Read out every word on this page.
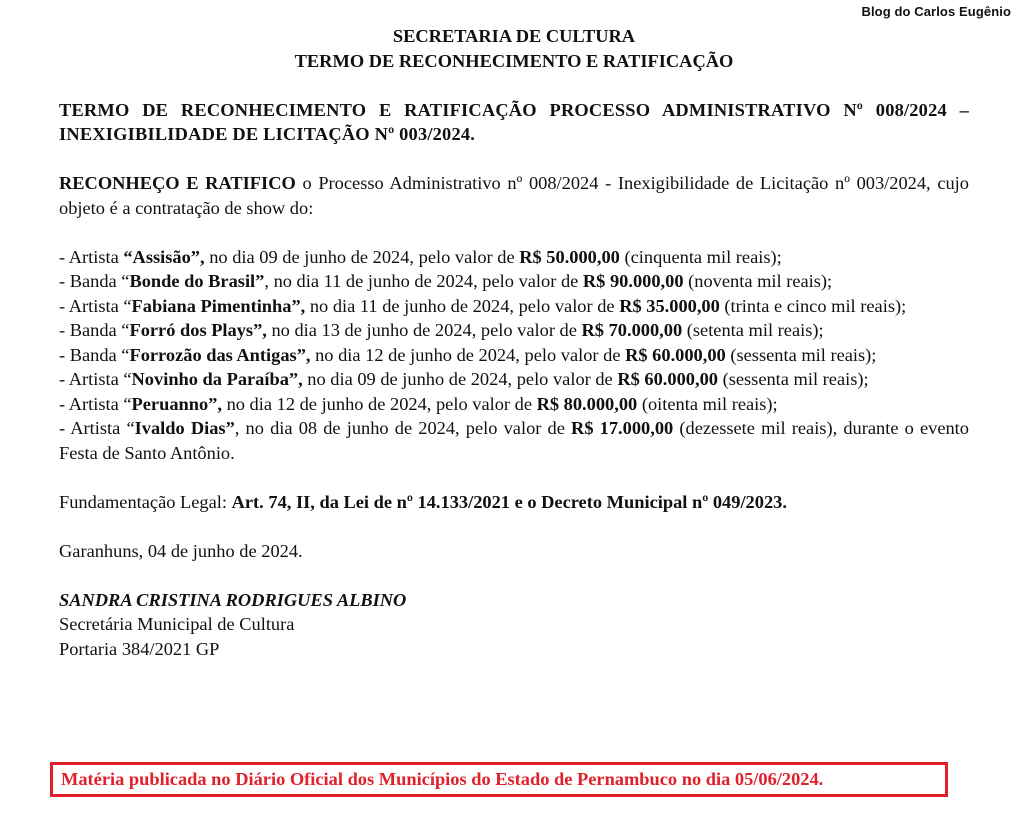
Blog do Carlos Eugênio
SECRETARIA DE CULTURA
TERMO DE RECONHECIMENTO E RATIFICAÇÃO
TERMO DE RECONHECIMENTO E RATIFICAÇÃO PROCESSO ADMINISTRATIVO Nº 008/2024 – INEXIGIBILIDADE DE LICITAÇÃO Nº 003/2024.
RECONHEÇO E RATIFICO o Processo Administrativo nº 008/2024 - Inexigibilidade de Licitação nº 003/2024, cujo objeto é a contratação de show do:
- Artista “Assisão”, no dia 09 de junho de 2024, pelo valor de R$ 50.000,00 (cinquenta mil reais);
- Banda “Bonde do Brasil”, no dia 11 de junho de 2024, pelo valor de R$ 90.000,00 (noventa mil reais);
- Artista “Fabiana Pimentinha”, no dia 11 de junho de 2024, pelo valor de R$ 35.000,00 (trinta e cinco mil reais);
- Banda “Forró dos Plays”, no dia 13 de junho de 2024, pelo valor de R$ 70.000,00 (setenta mil reais);
- Banda “Forrozão das Antigas”, no dia 12 de junho de 2024, pelo valor de R$ 60.000,00 (sessenta mil reais);
- Artista “Novinho da Paraíba”, no dia 09 de junho de 2024, pelo valor de R$ 60.000,00 (sessenta mil reais);
- Artista “Peruanno”, no dia 12 de junho de 2024, pelo valor de R$ 80.000,00 (oitenta mil reais);
- Artista “Ivaldo Dias”, no dia 08 de junho de 2024, pelo valor de R$ 17.000,00 (dezessete mil reais), durante o evento Festa de Santo Antônio.
Fundamentação Legal: Art. 74, II, da Lei de nº 14.133/2021 e o Decreto Municipal nº 049/2023.
Garanhuns, 04 de junho de 2024.
SANDRA CRISTINA RODRIGUES ALBINO
Secretária Municipal de Cultura
Portaria 384/2021 GP
Matéria publicada no Diário Oficial dos Municípios do Estado de Pernambuco no dia 05/06/2024.
